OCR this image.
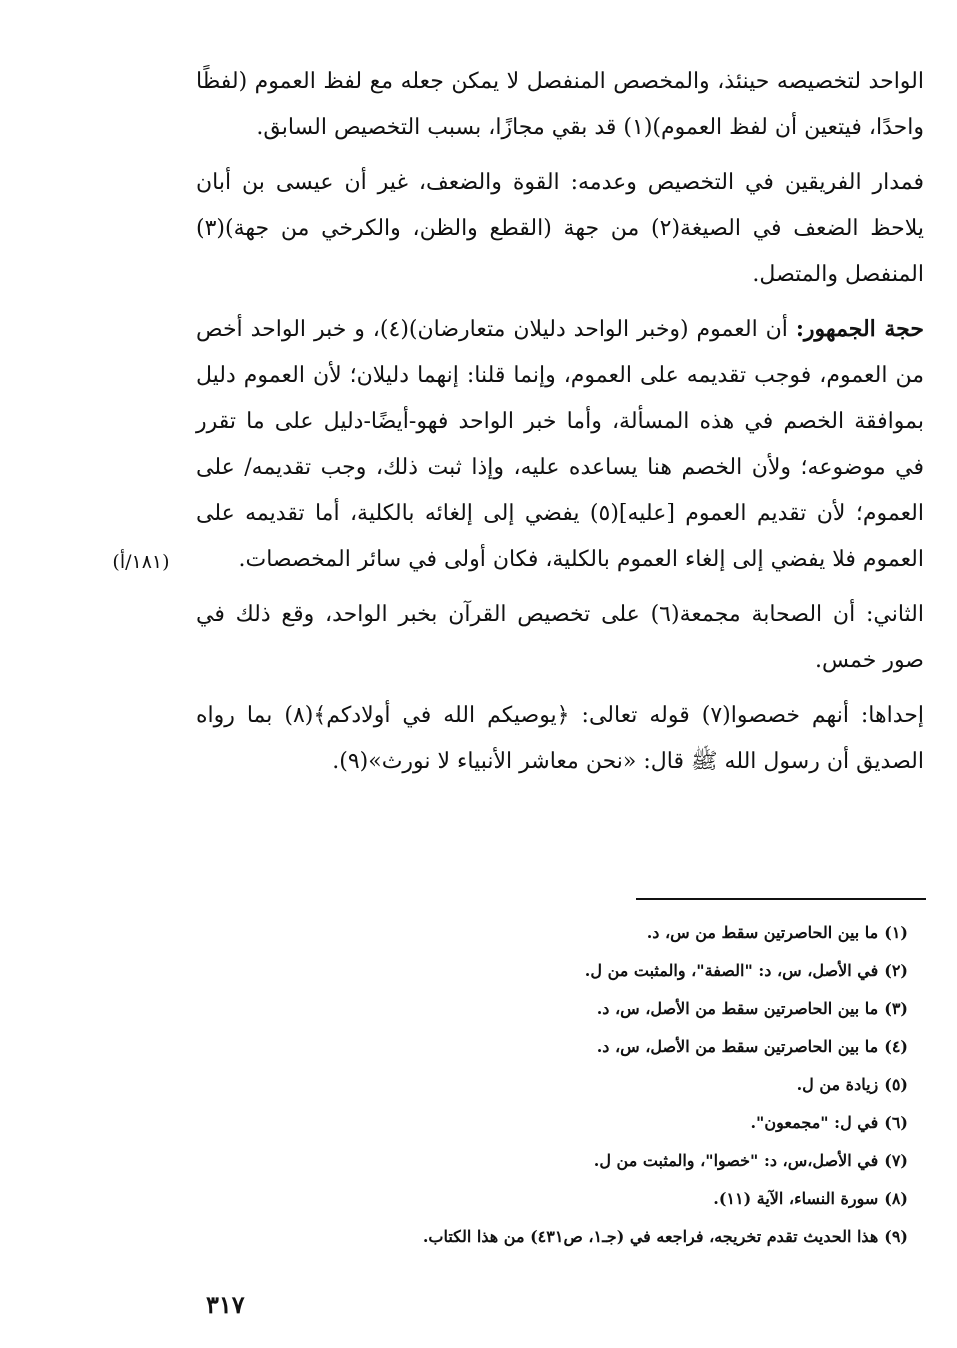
الواحد لتخصيصه حينئذ، والمخصص المنفصل لا يمكن جعله مع لفظ العموم (لفظًا واحدًا، فيتعين أن لفظ العموم)(١) قد بقي مجازًا، بسبب التخصيص السابق.

فمدار الفريقين في التخصيص وعدمه: القوة والضعف، غير أن عيسى بن أبان يلاحظ الضعف في الصيغة(٢) من جهة (القطع والظن، والكرخي من جهة)(٣) المنفصل والمتصل.

حجة الجمهور: أن العموم (وخبر الواحد دليلان متعارضان)(٤)، و خبر الواحد أخص من العموم، فوجب تقديمه على العموم، وإنما قلنا: إنهما دليلان؛ لأن العموم دليل بموافقة الخصم في هذه المسألة، وأما خبر الواحد فهو-أيضًا-دليل على ما تقرر في موضوعه؛ ولأن الخصم هنا يساعده عليه، وإذا ثبت ذلك، وجب تقديمه/ على العموم؛ لأن تقديم العموم [عليه](٥) يفضي إلى إلغائه بالكلية، أما تقديمه على العموم فلا يفضي إلى إلغاء العموم بالكلية، فكان أولى في سائر المخصصات.

الثاني: أن الصحابة مجمعة(٦) على تخصيص القرآن بخبر الواحد، وقع ذلك في صور خمس.

إحداها: أنهم خصصوا(٧) قوله تعالى: ﴿يوصيكم الله في أولادكم﴾(٨) بما رواه الصديق أن رسول الله ﷺ قال: «نحن معاشر الأنبياء لا نورث»(٩).

(١٨١/أ)
(١)
ما بين الحاصرتين سقط من س، د.
(٢)
في الأصل، س، د: "الصفة"، والمثبت من ل.
(٣)
ما بين الحاصرتين سقط من الأصل، س، د.
(٤)
ما بين الحاصرتين سقط من الأصل، س، د.
(٥)
زيادة من ل.
(٦)
في ل: "مجمعون".
(٧)
في الأصل،س، د: "خصوا"، والمثبت من ل.
(٨)
سورة النساء، الآية (١١).
(٩)
هذا الحديث تقدم تخريجه، فراجعه في (جـ١، ص٤٣١) من هذا الكتاب.
٣١٧
